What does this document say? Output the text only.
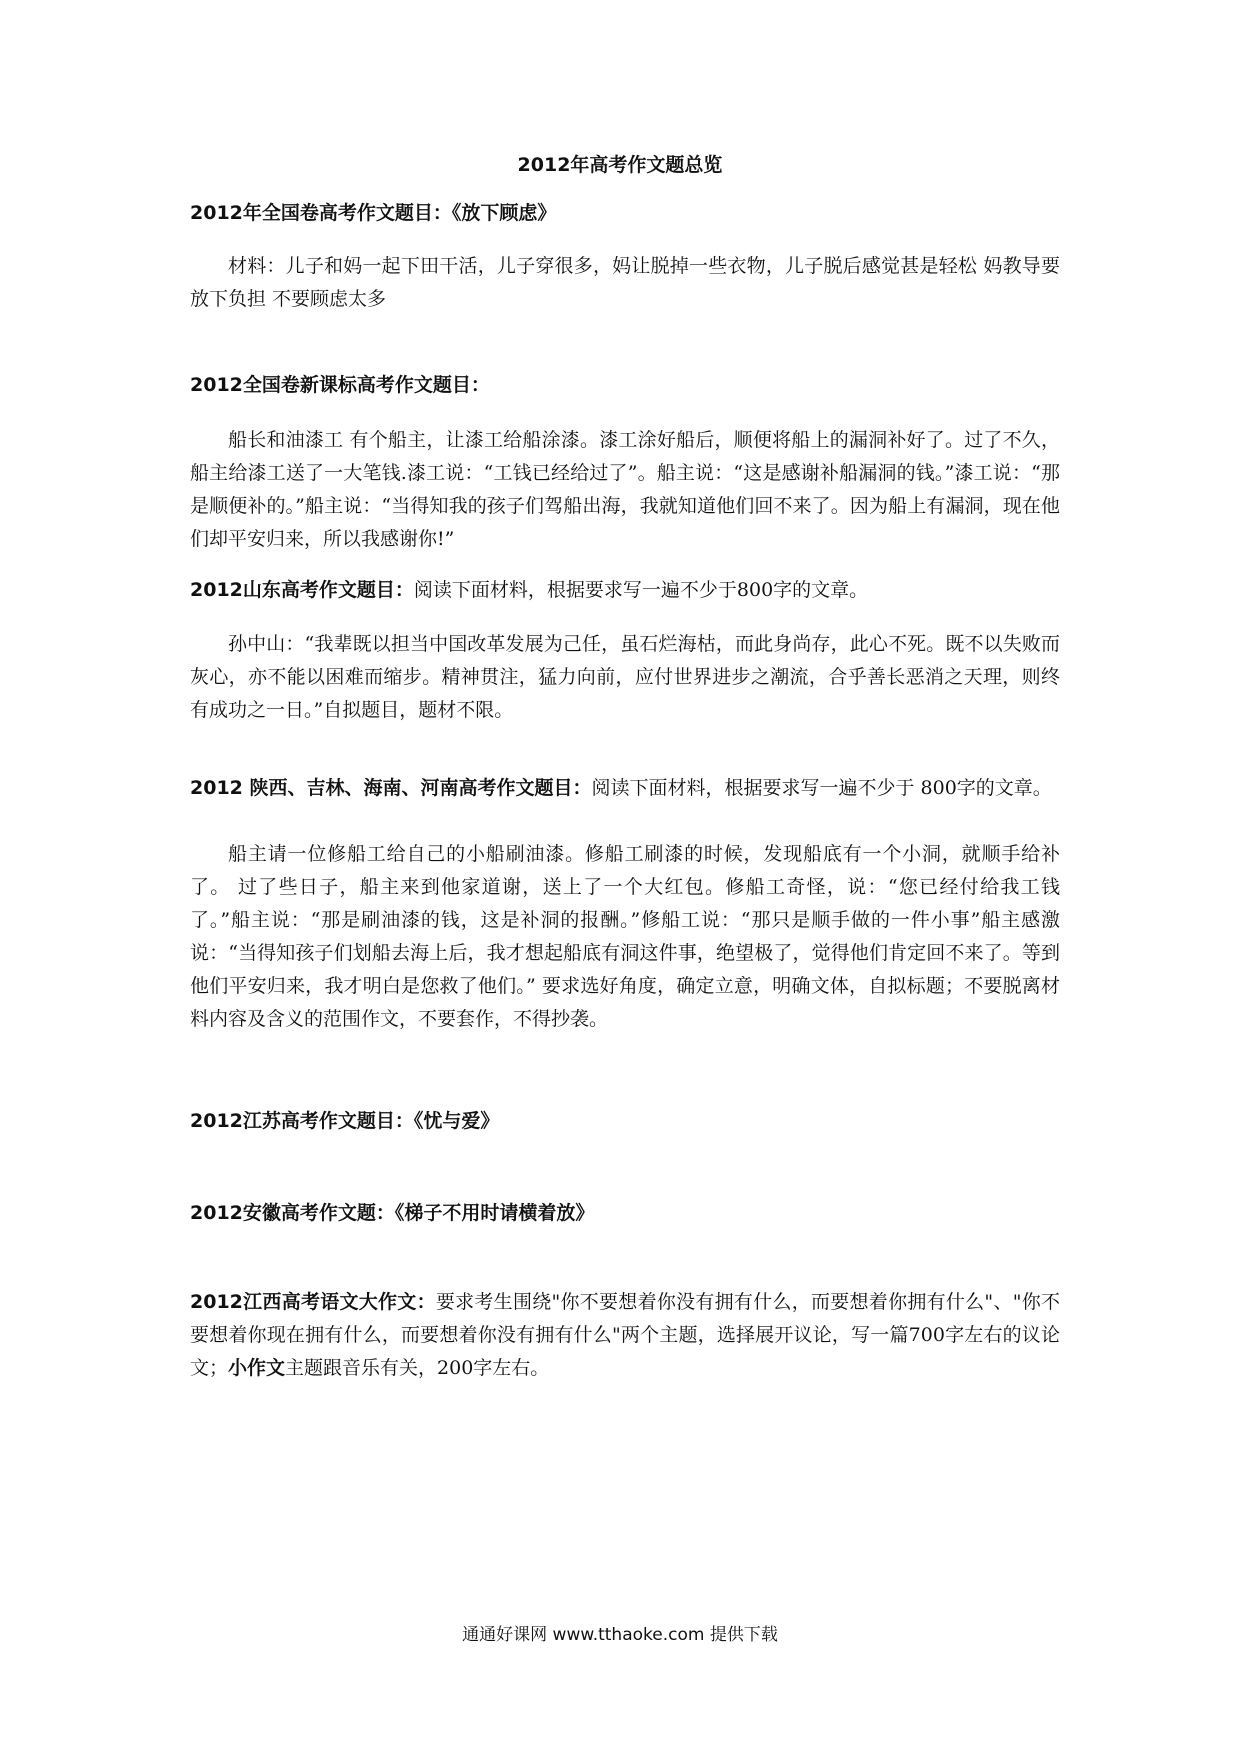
2012年高考作文题总览
2012年全国卷高考作文题目：《放下顾虑》
材料：儿子和妈一起下田干活，儿子穿很多，妈让脱掉一些衣物，儿子脱后感觉甚是轻松 妈教导要放下负担 不要顾虑太多
2012全国卷新课标高考作文题目：
船长和油漆工 有个船主，让漆工给船涂漆。漆工涂好船后，顺便将船上的漏洞补好了。过了不久，船主给漆工送了一大笔钱.漆工说：“工钱已经给过了”。船主说：“这是感谢补船漏洞的钱。”漆工说：“那是顺便补的。”船主说：“当得知我的孩子们驾船出海，我就知道他们回不来了。因为船上有漏洞，现在他们却平安归来，所以我感谢你!”
2012山东高考作文题目：阅读下面材料，根据要求写一遍不少于800字的文章。
孙中山：“我辈既以担当中国改革发展为己任，虽石烂海枯，而此身尚存，此心不死。既不以失败而灰心，亦不能以困难而缩步。精神贯注，猛力向前，应付世界进步之潮流，合乎善长恶消之天理，则终有成功之一日。”自拟题目，题材不限。
2012 陕西、吉林、海南、河南高考作文题目：阅读下面材料，根据要求写一遍不少于 800字的文章。
船主请一位修船工给自己的小船刷油漆。修船工刷漆的时候，发现船底有一个小洞，就顺手给补了。 过了些日子，船主来到他家道谢，送上了一个大红包。修船工奇怪，说：“您已经付给我工钱了。”船主说：“那是刷油漆的钱，这是补洞的报酬。”修船工说：“那只是顺手做的一件小事”船主感激 说：“当得知孩子们划船去海上后，我才想起船底有洞这件事，绝望极了，觉得他们肯定回不来了。等到他们平安归来，我才明白是您救了他们。” 要求选好角度，确定立意，明确文体，自拟标题；不要脱离材料内容及含义的范围作文，不要套作，不得抄袭。
2012江苏高考作文题目：《忧与爱》
2012安徽高考作文题：《梯子不用时请横着放》
2012江西高考语文大作文：要求考生围绕"你不要想着你没有拥有什么，而要想着你拥有什么"、"你不要想着你现在拥有什么，而要想着你没有拥有什么"两个主题，选择展开议论，写一篇700字左右的议论文；小作文主题跟音乐有关，200字左右。
通通好课网 www.tthaoke.com 提供下载
